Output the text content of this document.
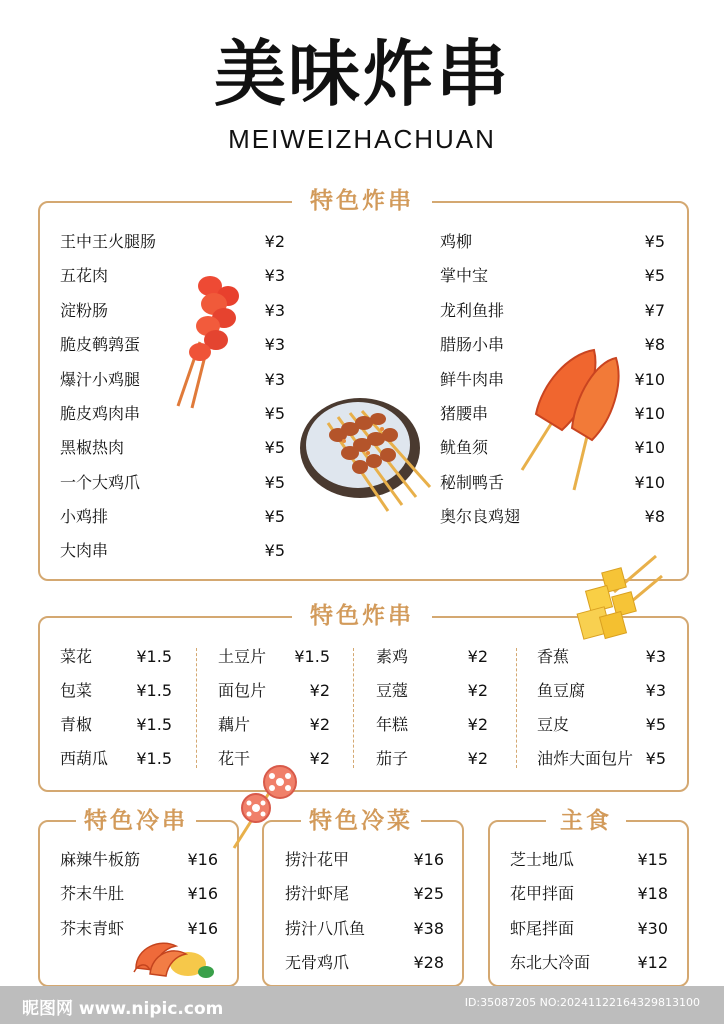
美味炸串
MEIWEIZHACHUAN
特色炸串
王中王火腿肠	¥2
五花肉	¥3
淀粉肠	¥3
脆皮鹌鹑蛋	¥3
爆汁小鸡腿	¥3
脆皮鸡肉串	¥5
黑椒热肉	¥5
一个大鸡爪	¥5
小鸡排	¥5
大肉串	¥5
鸡柳	¥5
掌中宝	¥5
龙利鱼排	¥7
腊肠小串	¥8
鲜牛肉串	¥10
猪腰串	¥10
鱿鱼须	¥10
秘制鸭舌	¥10
奥尔良鸡翅	¥8
特色炸串
菜花	¥1.5
包菜	¥1.5
青椒	¥1.5
西葫瓜	¥1.5
土豆片	¥1.5
面包片	¥2
藕片	¥2
花干	¥2
素鸡	¥2
豆蔻	¥2
年糕	¥2
茄子	¥2
香蕉	¥3
鱼豆腐	¥3
豆皮	¥5
油炸大面包片 ¥5
特色冷串
麻辣牛板筋	¥16
芥末牛肚	¥16
芥末青虾	¥16
特色冷菜
捞汁花甲	¥16
捞汁虾尾	¥25
捞汁八爪鱼	¥38
无骨鸡爪	¥28
主食
芝士地瓜	¥15
花甲拌面	¥18
虾尾拌面	¥30
东北大冷面	¥12
昵图网 www.nipic.com	ID:35087205 NO:20241122164329813100
